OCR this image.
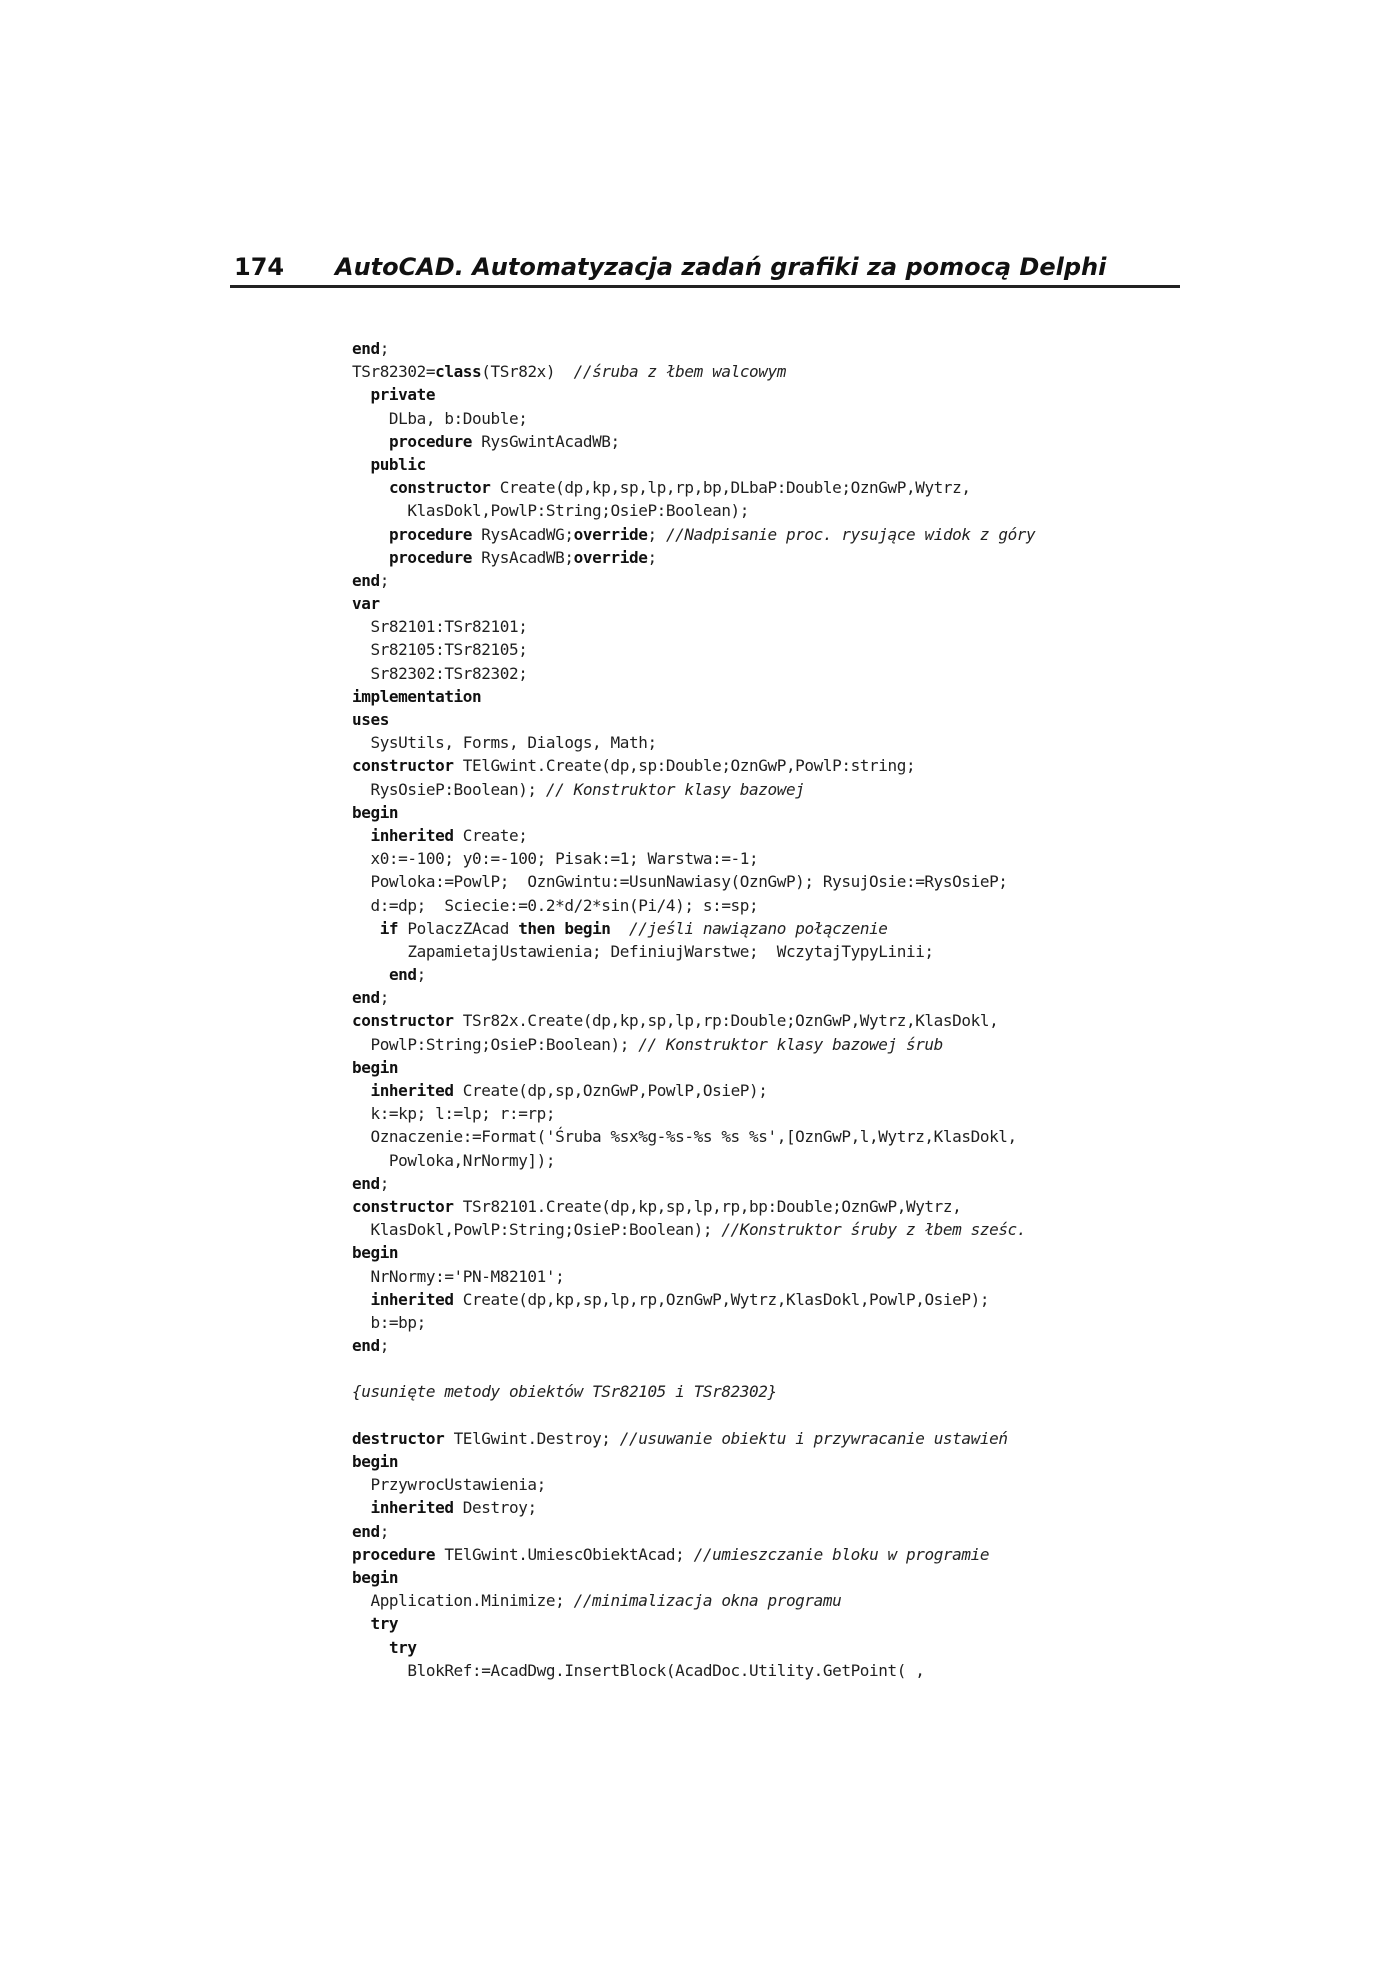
174 AutoCAD. Automatyzacja zadań grafiki za pomocą Delphi
end;
TSr82302=class(TSr82x)  //śruba z łbem walcowym
private
DLba, b:Double;
procedure RysGwintAcadWB;
public
constructor Create(dp,kp,sp,lp,rp,bp,DLbaP:Double;OznGwP,Wytrz,
KlasDokl,PowlP:String;OsieP:Boolean);
procedure RysAcadWG;override; //Nadpisanie proc. rysujące widok z góry
procedure RysAcadWB;override;
end;
var
Sr82101:TSr82101;
Sr82105:TSr82105;
Sr82302:TSr82302;
implementation
uses
SysUtils, Forms, Dialogs, Math;
constructor TElGwint.Create(dp,sp:Double;OznGwP,PowlP:string;
RysOsieP:Boolean); // Konstruktor klasy bazowej
begin
inherited Create;
x0:=-100; y0:=-100; Pisak:=1; Warstwa:=-1;
Powloka:=PowlP;  OznGwintu:=UsunNawiasy(OznGwP); RysujOsie:=RysOsieP;
d:=dp;  Sciecie:=0.2*d/2*sin(Pi/4); s:=sp;
if PolaczZAcad then begin //jeśli nawiązano połączenie
ZapamietajUstawienia; DefiniujWarstwe;  WczytajTypyLinii;
end;
end;
constructor TSr82x.Create(dp,kp,sp,lp,rp:Double;OznGwP,Wytrz,KlasDokl,
PowlP:String;OsieP:Boolean); // Konstruktor klasy bazowej śrub
begin
inherited Create(dp,sp,OznGwP,PowlP,OsieP);
k:=kp; l:=lp; r:=rp;
Oznaczenie:=Format('Śruba %sx%g-%s-%s %s %s',[OznGwP,l,Wytrz,KlasDokl,
Powloka,NrNormy]);
end;
constructor TSr82101.Create(dp,kp,sp,lp,rp,bp:Double;OznGwP,Wytrz,
KlasDokl,PowlP:String;OsieP:Boolean); //Konstruktor śruby z łbem sześc.
begin
NrNormy:='PN-M82101';
inherited Create(dp,kp,sp,lp,rp,OznGwP,Wytrz,KlasDokl,PowlP,OsieP);
b:=bp;
end;

{usunięte metody obiektów TSr82105 i TSr82302}

destructor TElGwint.Destroy; //usuwanie obiektu i przywracanie ustawień
begin
PrzywrocUstawienia;
inherited Destroy;
end;
procedure TElGwint.UmiescObiektAcad; //umieszczanie bloku w programie
begin
Application.Minimize; //minimalizacja okna programu
try
try
BlokRef:=AcadDwg.InsertBlock(AcadDoc.Utility.GetPoint( ,
